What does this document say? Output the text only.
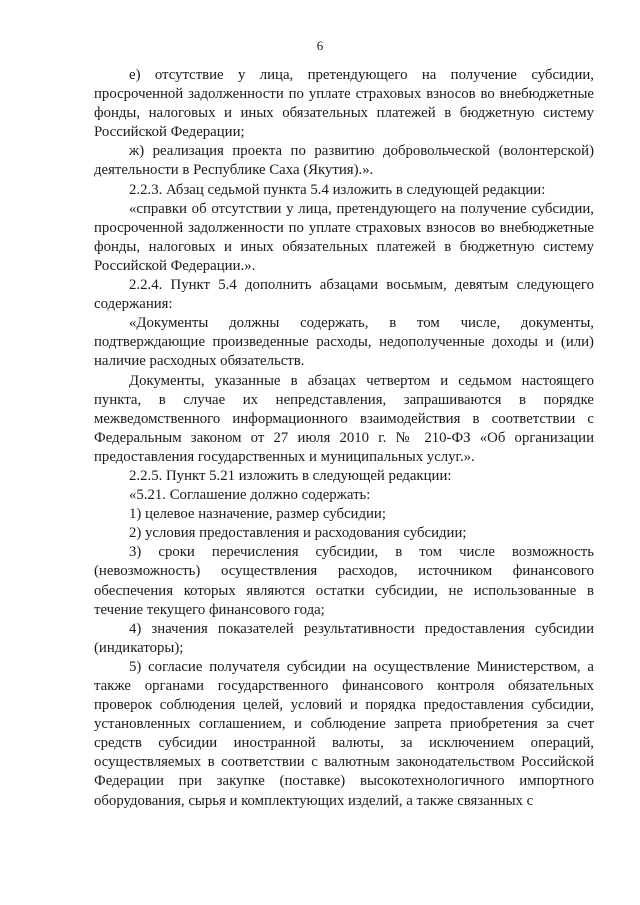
6

е) отсутствие у лица, претендующего на получение субсидии, просроченной задолженности по уплате страховых взносов во внебюджетные фонды, налоговых и иных обязательных платежей в бюджетную систему Российской Федерации;

ж) реализация проекта по развитию добровольческой (волонтерской) деятельности в Республике Саха (Якутия).».

2.2.3. Абзац седьмой пункта 5.4 изложить в следующей редакции:

«справки об отсутствии у лица, претендующего на получение субсидии, просроченной задолженности по уплате страховых взносов во внебюджетные фонды, налоговых и иных обязательных платежей в бюджетную систему Российской Федерации.».

2.2.4. Пункт 5.4 дополнить абзацами восьмым, девятым следующего содержания:

«Документы должны содержать, в том числе, документы, подтверждающие произведенные расходы, недополученные доходы и (или) наличие расходных обязательств.

Документы, указанные в абзацах четвертом и седьмом настоящего пункта, в случае их непредставления, запрашиваются в порядке межведомственного информационного взаимодействия в соответствии с Федеральным законом от 27 июля 2010 г. № 210-ФЗ «Об организации предоставления государственных и муниципальных услуг.».

2.2.5. Пункт 5.21 изложить в следующей редакции:

«5.21. Соглашение должно содержать:

1) целевое назначение, размер субсидии;

2) условия предоставления и расходования субсидии;

3) сроки перечисления субсидии, в том числе возможность (невозможность) осуществления расходов, источником финансового обеспечения которых являются остатки субсидии, не использованные в течение текущего финансового года;

4) значения показателей результативности предоставления субсидии (индикаторы);

5) согласие получателя субсидии на осуществление Министерством, а также органами государственного финансового контроля обязательных проверок соблюдения целей, условий и порядка предоставления субсидии, установленных соглашением, и соблюдение запрета приобретения за счет средств субсидии иностранной валюты, за исключением операций, осуществляемых в соответствии с валютным законодательством Российской Федерации при закупке (поставке) высокотехнологичного импортного оборудования, сырья и комплектующих изделий, а также связанных с
